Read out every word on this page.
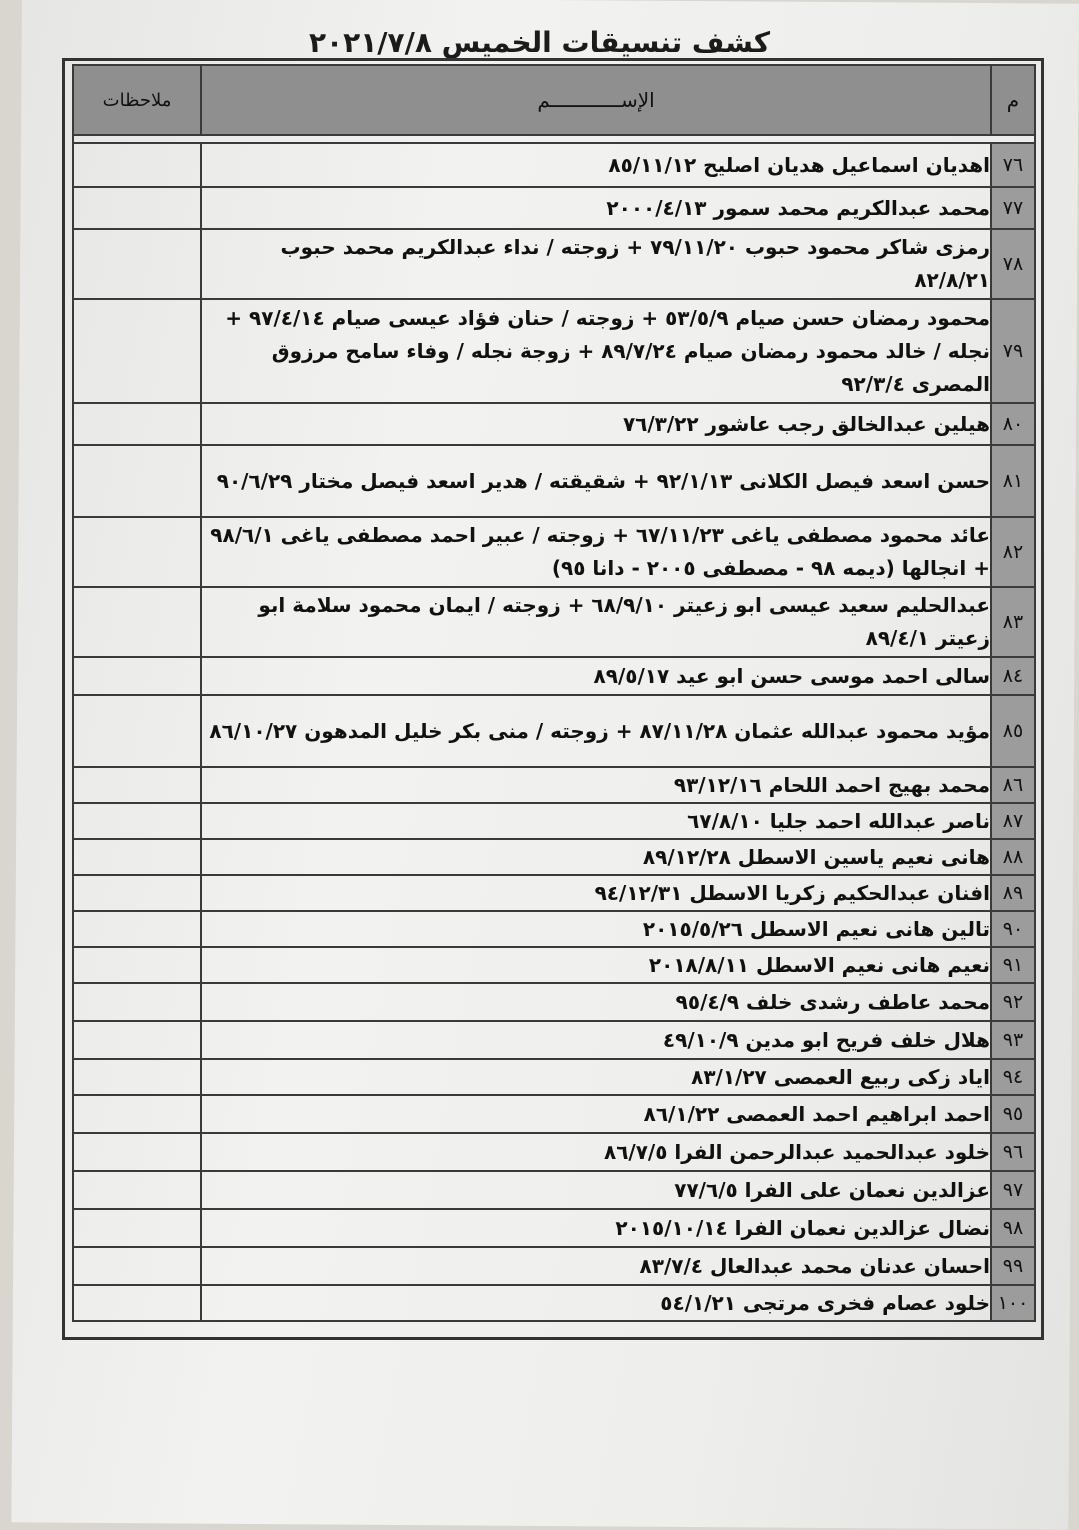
كشف تنسيقات الخميس ٢٠٢١/٧/٨
م	الإســــــــــــم	ملاحظات

٧٦	اهديان اسماعيل هديان اصليح ٨٥/١١/١٢	
٧٧	محمد عبدالكريم محمد سمور ٢٠٠٠/٤/١٣	
٧٨	رمزى شاكر محمود حبوب ٧٩/١١/٢٠ + زوجته / نداء عبدالكريم محمد حبوب ٨٢/٨/٢١	
٧٩	محمود رمضان حسن صيام ٥٣/٥/٩ + زوجته / حنان فؤاد عيسى صيام ٩٧/٤/١٤ + نجله / خالد محمود رمضان صيام ٨٩/٧/٢٤ + زوجة نجله / وفاء سامح مرزوق المصرى ٩٢/٣/٤	
٨٠	هيلين عبدالخالق رجب عاشور ٧٦/٣/٢٢	
٨١	حسن اسعد فيصل الكلانى ٩٢/١/١٣ + شقيقته / هدير اسعد فيصل مختار ٩٠/٦/٢٩	
٨٢	عائد محمود مصطفى ياغى ٦٧/١١/٢٣ + زوجته / عبير احمد مصطفى ياغى ٩٨/٦/١ + انجالها (ديمه ٩٨ - مصطفى ٢٠٠٥ - دانا ٩٥)	
٨٣	عبدالحليم سعيد عيسى ابو زعيتر ٦٨/٩/١٠ + زوجته / ايمان محمود سلامة ابو زعيتر ٨٩/٤/١	
٨٤	سالى احمد موسى حسن ابو عيد ٨٩/٥/١٧	
٨٥	مؤيد محمود عبدالله عثمان ٨٧/١١/٢٨ + زوجته / منى بكر خليل المدهون ٨٦/١٠/٢٧	
٨٦	محمد بهيج احمد اللحام ٩٣/١٢/١٦	
٨٧	ناصر عبدالله احمد جليا ٦٧/٨/١٠	
٨٨	هانى نعيم ياسين الاسطل ٨٩/١٢/٢٨	
٨٩	افنان عبدالحكيم زكريا الاسطل ٩٤/١٢/٣١	
٩٠	تالين هانى نعيم الاسطل ٢٠١٥/٥/٢٦	
٩١	نعيم هانى نعيم الاسطل ٢٠١٨/٨/١١	
٩٢	محمد عاطف رشدى خلف ٩٥/٤/٩	
٩٣	هلال خلف فريح ابو مدين ٤٩/١٠/٩	
٩٤	اياد زكى ربيع العمصى ٨٣/١/٢٧	
٩٥	احمد ابراهيم احمد العمصى ٨٦/١/٢٢	
٩٦	خلود عبدالحميد عبدالرحمن الفرا ٨٦/٧/٥	
٩٧	عزالدين نعمان على الفرا ٧٧/٦/٥	
٩٨	نضال عزالدين نعمان الفرا ٢٠١٥/١٠/١٤	
٩٩	احسان عدنان محمد عبدالعال ٨٣/٧/٤	
١٠٠	خلود عصام فخرى مرتجى ٥٤/١/٢١	
